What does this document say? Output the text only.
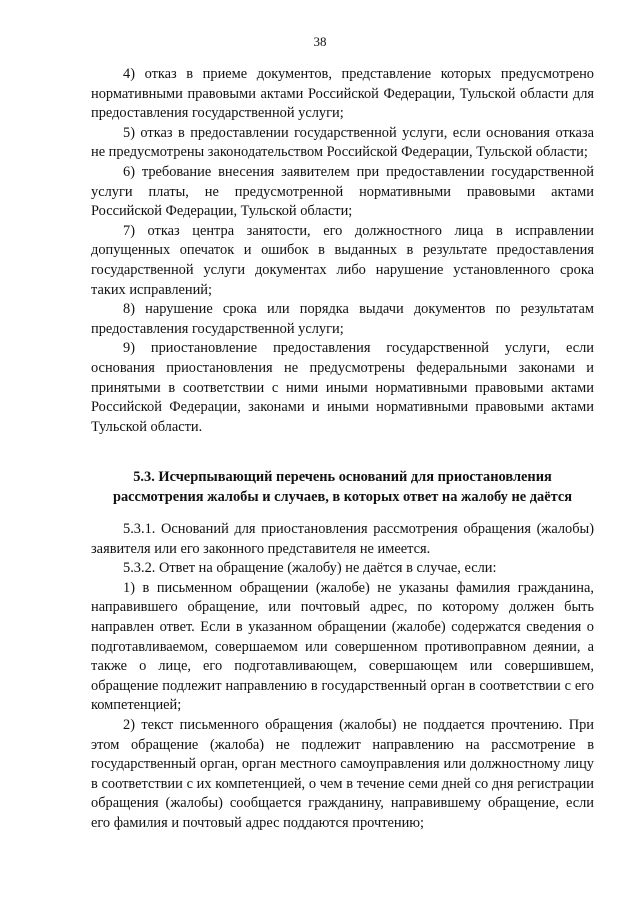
38

4) отказ в приеме документов, представление которых предусмотрено нормативными правовыми актами Российской Федерации, Тульской области для предоставления государственной услуги;

5) отказ в предоставлении государственной услуги, если основания отказа не предусмотрены законодательством Российской Федерации, Тульской области;

6) требование внесения заявителем при предоставлении государственной услуги платы, не предусмотренной нормативными правовыми актами Российской Федерации, Тульской области;

7) отказ центра занятости, его должностного лица в исправлении допущенных опечаток и ошибок в выданных в результате предоставления государственной услуги документах либо нарушение установленного срока таких исправлений;

8) нарушение срока или порядка выдачи документов по результатам предоставления государственной услуги;

9) приостановление предоставления государственной услуги, если основания приостановления не предусмотрены федеральными законами и принятыми в соответствии с ними иными нормативными правовыми актами Российской Федерации, законами и иными нормативными правовыми актами Тульской области.

5.3. Исчерпывающий перечень оснований для приостановления
рассмотрения жалобы и случаев, в которых ответ на жалобу не даётся

5.3.1. Оснований для приостановления рассмотрения обращения (жалобы) заявителя или его законного представителя не имеется.

5.3.2. Ответ на обращение (жалобу) не даётся в случае, если:

1) в письменном обращении (жалобе) не указаны фамилия гражданина, направившего обращение, или почтовый адрес, по которому должен быть направлен ответ. Если в указанном обращении (жалобе) содержатся сведения о подготавливаемом, совершаемом или совершенном противоправном деянии, а также о лице, его подготавливающем, совершающем или совершившем, обращение подлежит направлению в государственный орган в соответствии с его компетенцией;

2) текст письменного обращения (жалобы) не поддается прочтению. При этом обращение (жалоба) не подлежит направлению на рассмотрение в государственный орган, орган местного самоуправления или должностному лицу в соответствии с их компетенцией, о чем в течение семи дней со дня регистрации обращения (жалобы) сообщается гражданину, направившему обращение, если его фамилия и почтовый адрес поддаются прочтению;
